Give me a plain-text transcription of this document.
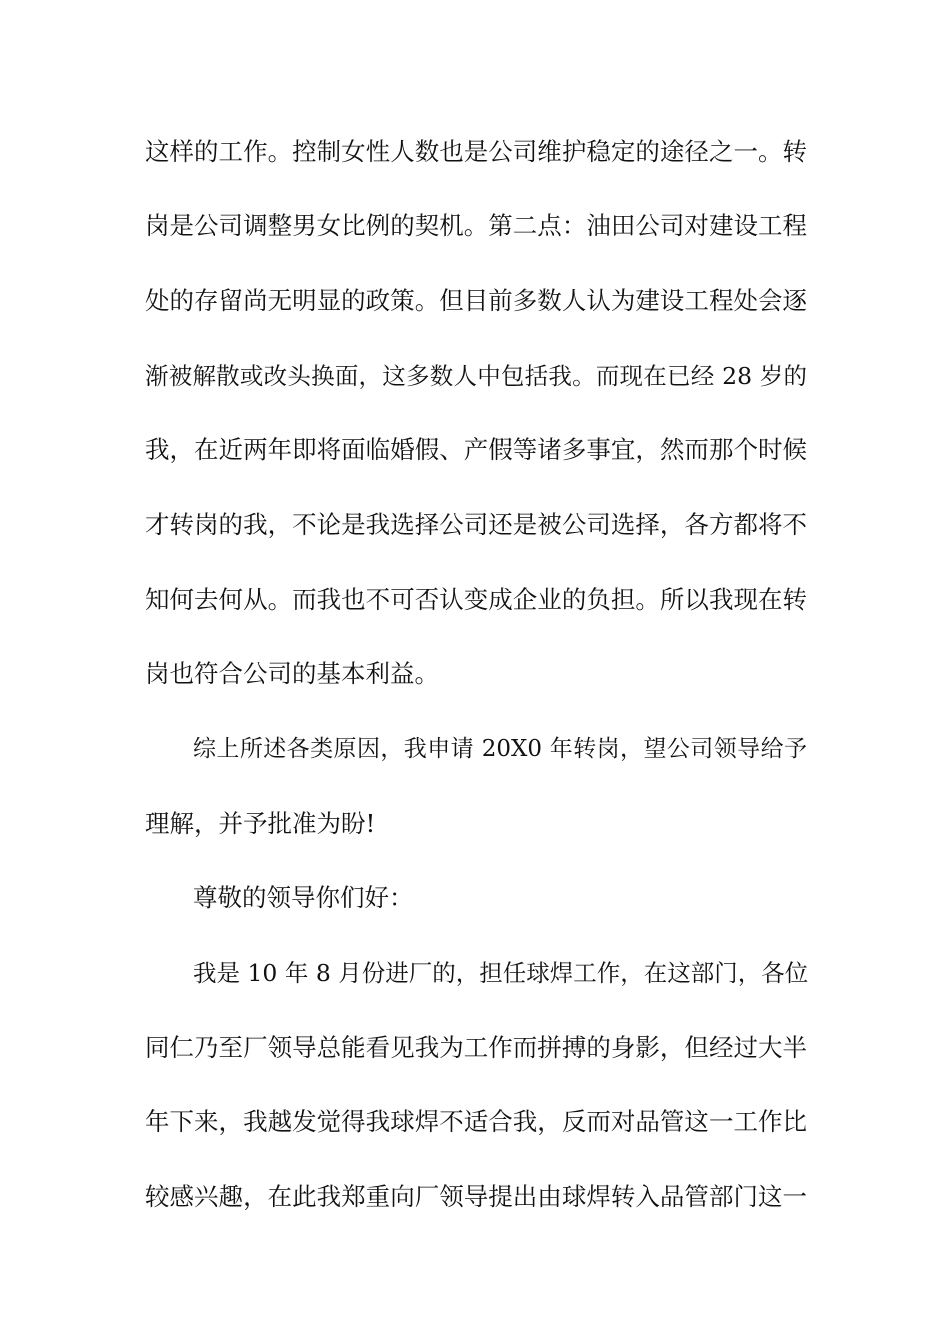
这样的工作。控制女性人数也是公司维护稳定的途径之一。转
岗是公司调整男女比例的契机。第二点：油田公司对建设工程
处的存留尚无明显的政策。但目前多数人认为建设工程处会逐
渐被解散或改头换面，这多数人中包括我。而现在已经 28 岁的
我，在近两年即将面临婚假、产假等诸多事宜，然而那个时候
才转岗的我，不论是我选择公司还是被公司选择，各方都将不
知何去何从。而我也不可否认变成企业的负担。所以我现在转
岗也符合公司的基本利益。
综上所述各类原因，我申请 20X0 年转岗，望公司领导给予
理解，并予批准为盼!
尊敬的领导你们好：
我是 10 年 8 月份进厂的，担任球焊工作，在这部门，各位
同仁乃至厂领导总能看见我为工作而拼搏的身影，但经过大半
年下来，我越发觉得我球焊不适合我，反而对品管这一工作比
较感兴趣，在此我郑重向厂领导提出由球焊转入品管部门这一
